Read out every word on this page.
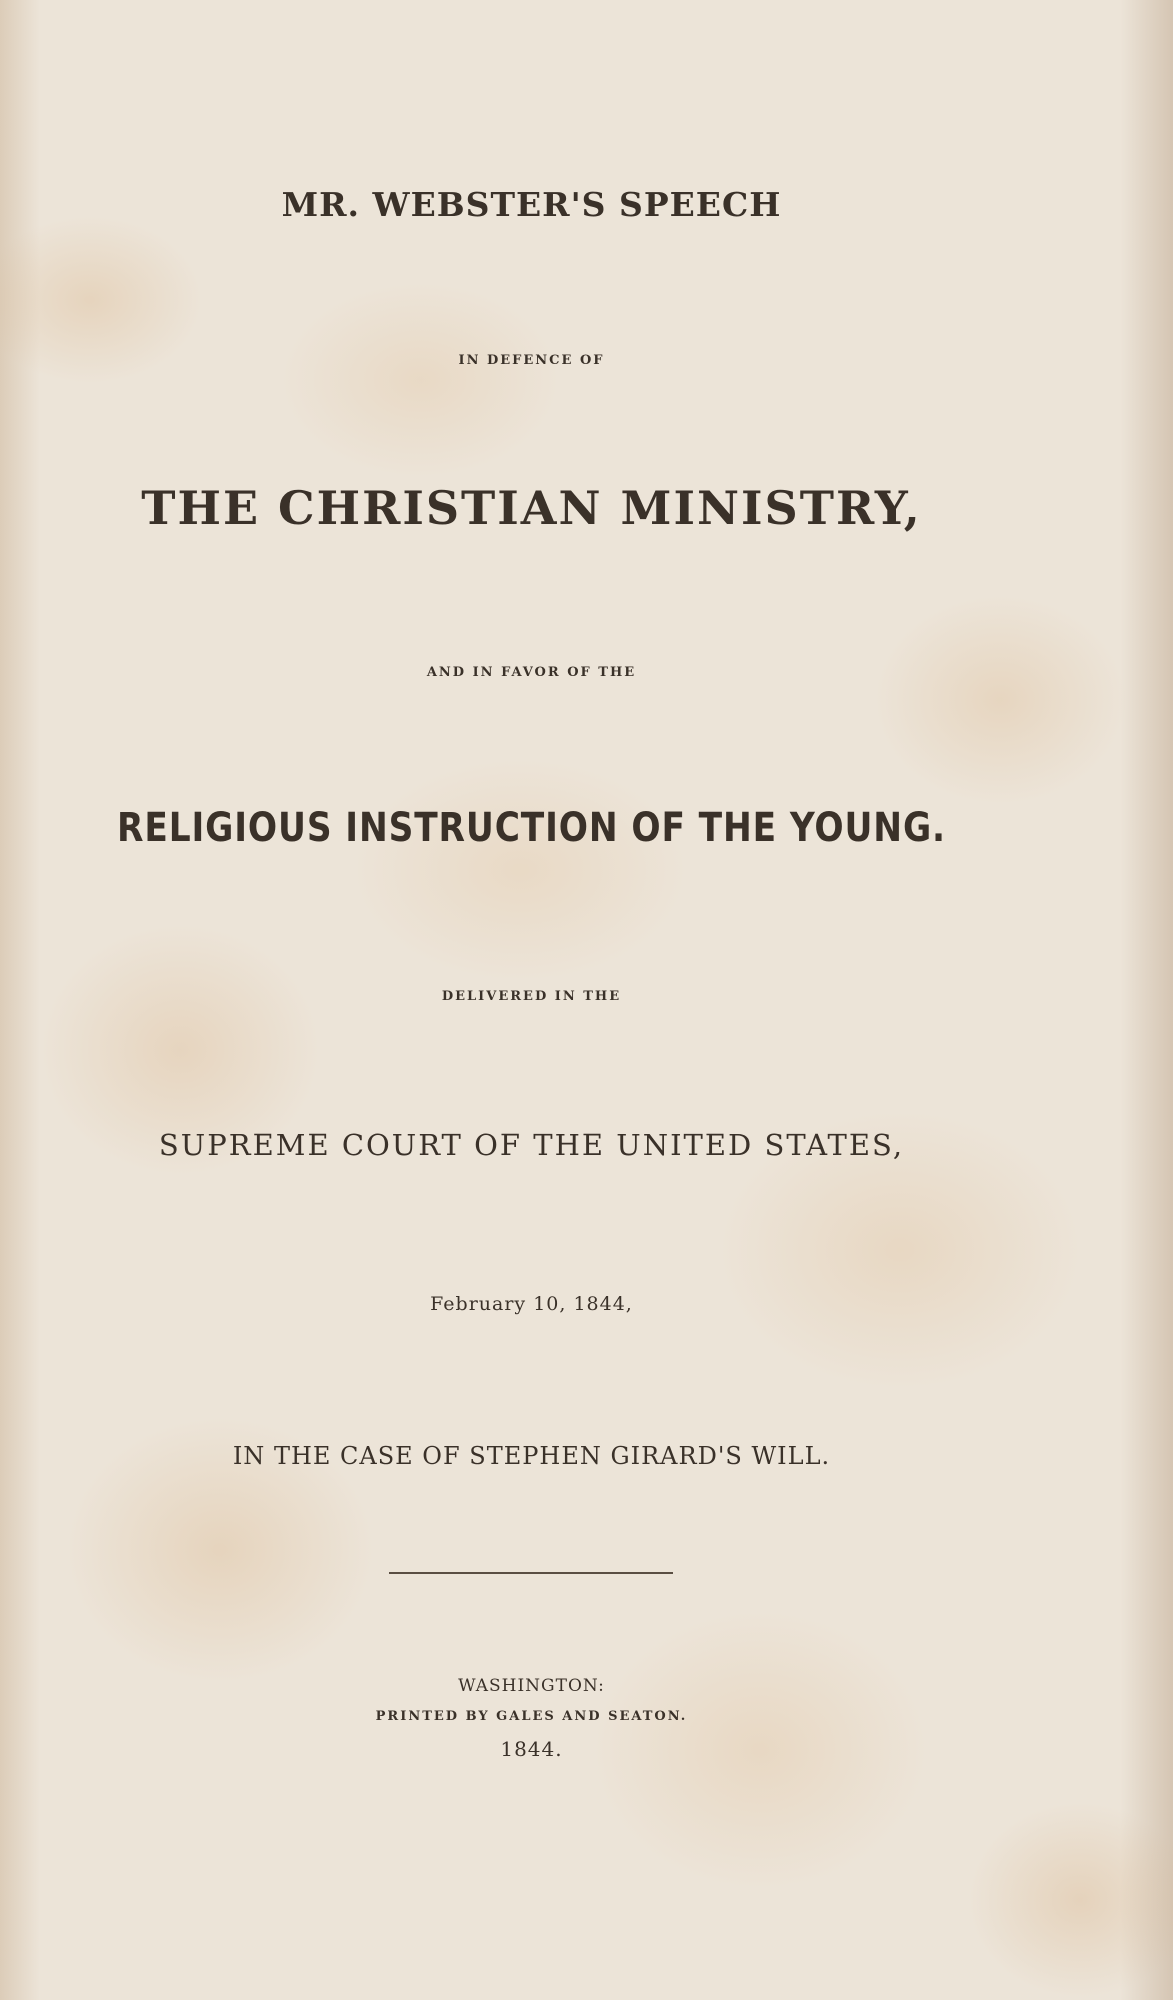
MR. WEBSTER'S SPEECH
IN DEFENCE OF
THE CHRISTIAN MINISTRY,
AND IN FAVOR OF THE
RELIGIOUS INSTRUCTION OF THE YOUNG.
DELIVERED IN THE
SUPREME COURT OF THE UNITED STATES,
February 10, 1844,
IN THE CASE OF STEPHEN GIRARD'S WILL.
WASHINGTON:
PRINTED BY GALES AND SEATON.
1844.
